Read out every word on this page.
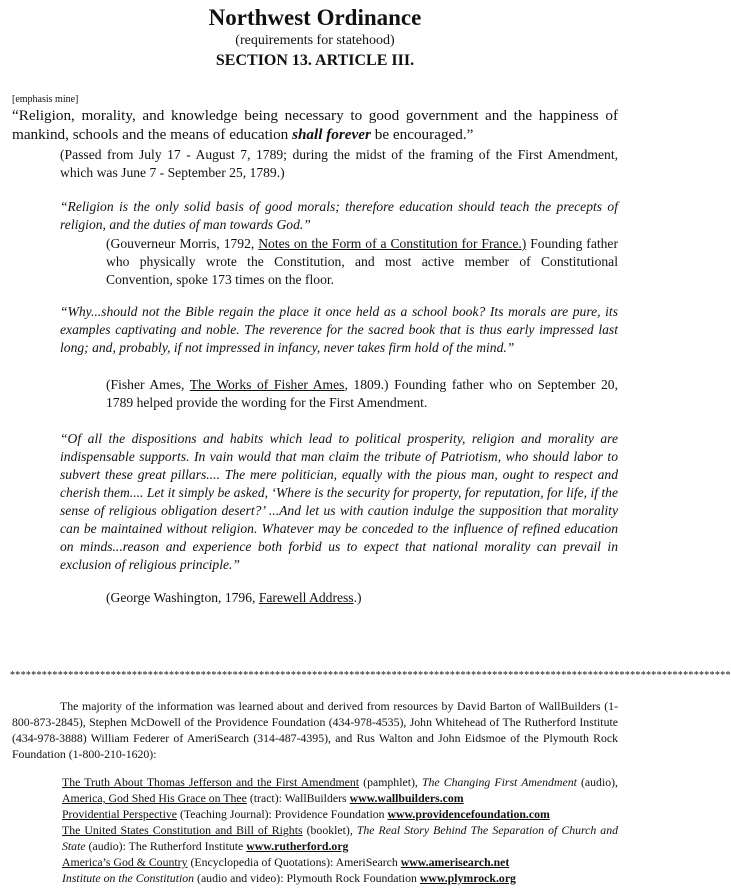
Northwest Ordinance
(requirements for statehood)
SECTION 13. ARTICLE III.
[emphasis mine]
“Religion, morality, and knowledge being necessary to good government and the happiness of mankind, schools and the means of education shall forever be encouraged.”
(Passed from July 17 - August 7, 1789; during the midst of the framing of the First Amendment, which was June 7 - September 25, 1789.)
“Religion is the only solid basis of good morals; therefore education should teach the precepts of religion, and the duties of man towards God.”
(Gouverneur Morris, 1792, Notes on the Form of a Constitution for France.) Founding father who physically wrote the Constitution, and most active member of Constitutional Convention, spoke 173 times on the floor.
“Why...should not the Bible regain the place it once held as a school book? Its morals are pure, its examples captivating and noble. The reverence for the sacred book that is thus early impressed last long; and, probably, if not impressed in infancy, never takes firm hold of the mind.”
(Fisher Ames, The Works of Fisher Ames, 1809.) Founding father who on September 20, 1789 helped provide the wording for the First Amendment.
“Of all the dispositions and habits which lead to political prosperity, religion and morality are indispensable supports. In vain would that man claim the tribute of Patriotism, who should labor to subvert these great pillars.... The mere politician, equally with the pious man, ought to respect and cherish them.... Let it simply be asked, ‘Where is the security for property, for reputation, for life, if the sense of religious obligation desert?’ ...And let us with caution indulge the supposition that morality can be maintained without religion. Whatever may be conceded to the influence of refined education on minds...reason and experience both forbid us to expect that national morality can prevail in exclusion of religious principle.”
(George Washington, 1796, Farewell Address.)
****************************************************************************************************************************************
The majority of the information was learned about and derived from resources by David Barton of WallBuilders (1-800-873-2845), Stephen McDowell of the Providence Foundation (434-978-4535), John Whitehead of The Rutherford Institute (434-978-3888) William Federer of AmeriSearch (314-487-4395), and Rus Walton and John Eidsmoe of the Plymouth Rock Foundation (1-800-210-1620):
The Truth About Thomas Jefferson and the First Amendment (pamphlet), The Changing First Amendment (audio), America, God Shed His Grace on Thee (tract): WallBuilders www.wallbuilders.com
Providential Perspective (Teaching Journal): Providence Foundation www.providencefoundation.com
The United States Constitution and Bill of Rights (booklet), The Real Story Behind The Separation of Church and State (audio): The Rutherford Institute www.rutherford.org
America’s God & Country (Encyclopedia of Quotations): AmeriSearch www.amerisearch.net
Institute on the Constitution (audio and video): Plymouth Rock Foundation www.plymrock.org
